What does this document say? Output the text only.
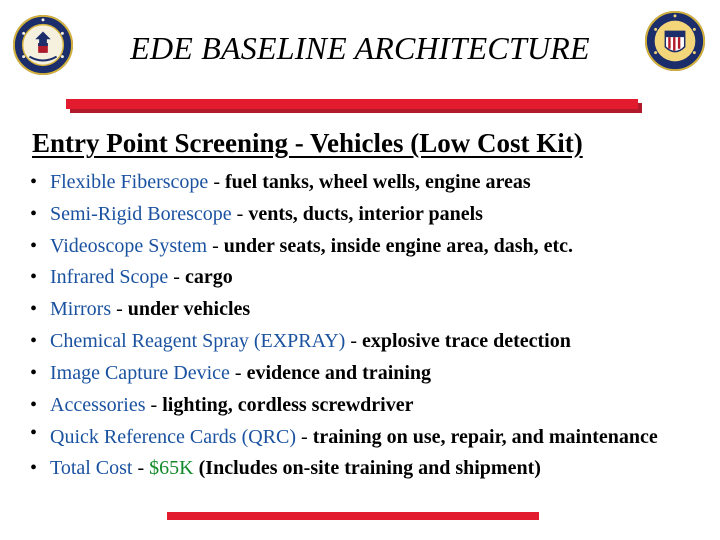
EDE BASELINE ARCHITECTURE
Entry Point Screening - Vehicles (Low Cost Kit)
• Flexible Fiberscope - fuel tanks, wheel wells, engine areas
• Semi-Rigid Borescope - vents, ducts, interior panels
• Videoscope System - under seats, inside engine area, dash, etc.
• Infrared Scope - cargo
• Mirrors - under vehicles
• Chemical Reagent Spray (EXPRAY) - explosive trace detection
• Image Capture Device - evidence and training
• Accessories - lighting, cordless screwdriver
• Quick Reference Cards (QRC) - training on use, repair, and maintenance
• Total Cost - $65K (Includes on-site training and shipment)
